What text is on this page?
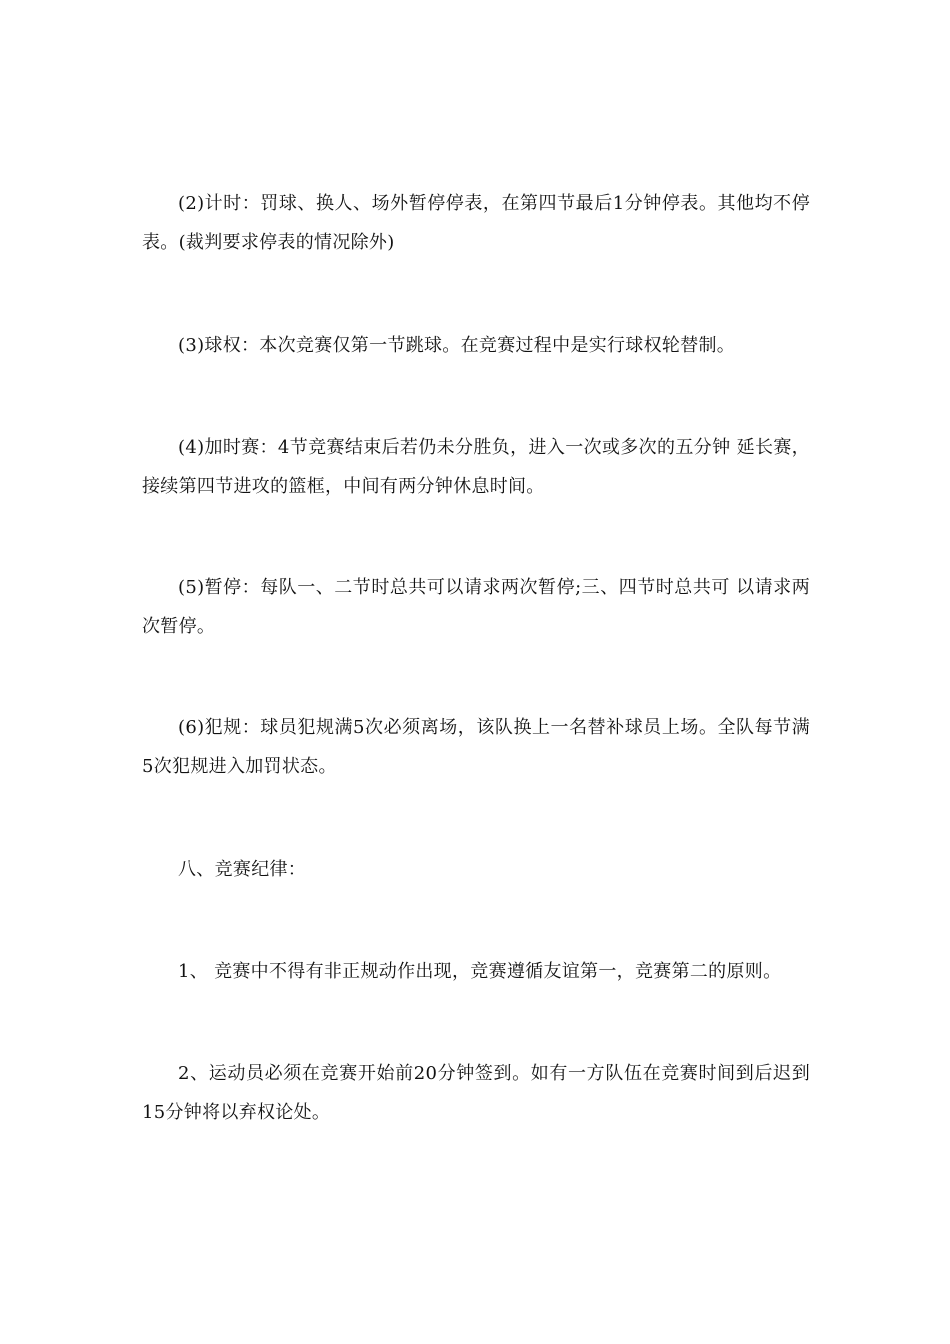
(2)计时：罚球、换人、场外暂停停表，在第四节最后1分钟停表。其他均不停表。(裁判要求停表的情况除外)

(3)球权：本次竞赛仅第一节跳球。在竞赛过程中是实行球权轮替制。

(4)加时赛：4节竞赛结束后若仍未分胜负，进入一次或多次的五分钟 延长赛，接续第四节进攻的篮框，中间有两分钟休息时间。

(5)暂停：每队一、二节时总共可以请求两次暂停;三、四节时总共可 以请求两次暂停。

(6)犯规：球员犯规满5次必须离场，该队换上一名替补球员上场。全队每节满5次犯规进入加罚状态。

八、竞赛纪律：

1、 竞赛中不得有非正规动作出现，竞赛遵循友谊第一，竞赛第二的原则。

2、运动员必须在竞赛开始前20分钟签到。如有一方队伍在竞赛时间到后迟到15分钟将以弃权论处。
